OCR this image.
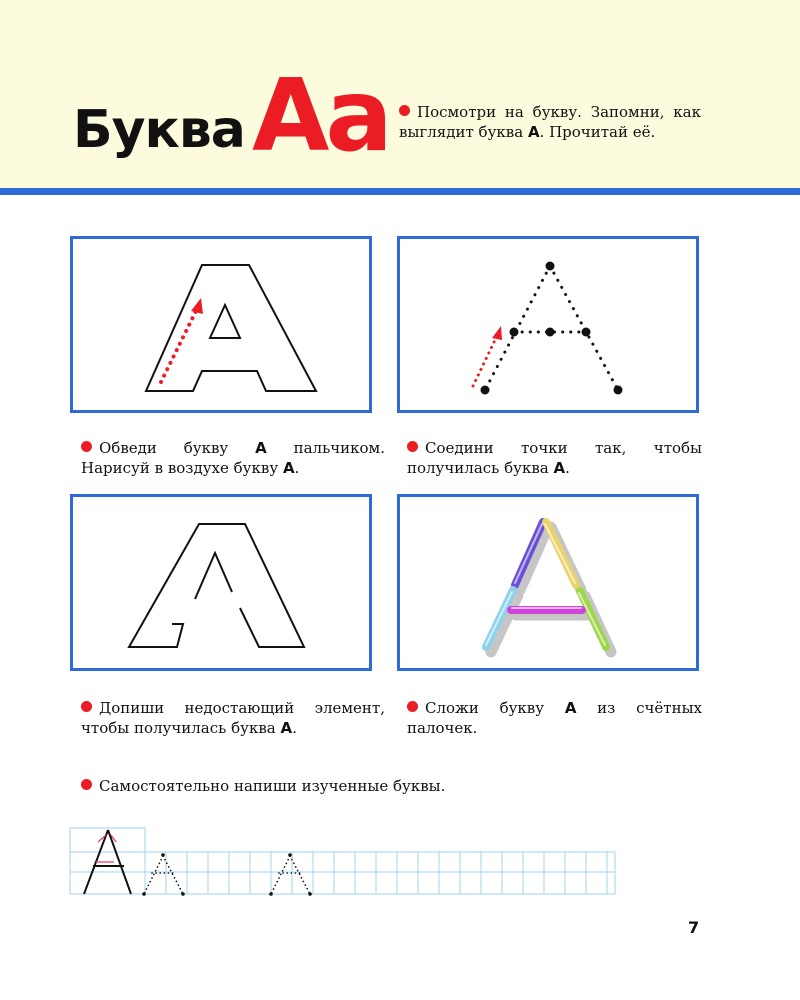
Буква Аа	Посмотри на букву. Запомни, как выглядит буква А. Прочитай её.
Обведи букву А пальчиком. Нарисуй в воздухе букву А.
Соедини точки так, чтобы получилась буква А.
Допиши недостающий элемент, чтобы получилась буква А.
Сложи букву А из счётных палочек.
Самостоятельно напиши изученные буквы.
7
